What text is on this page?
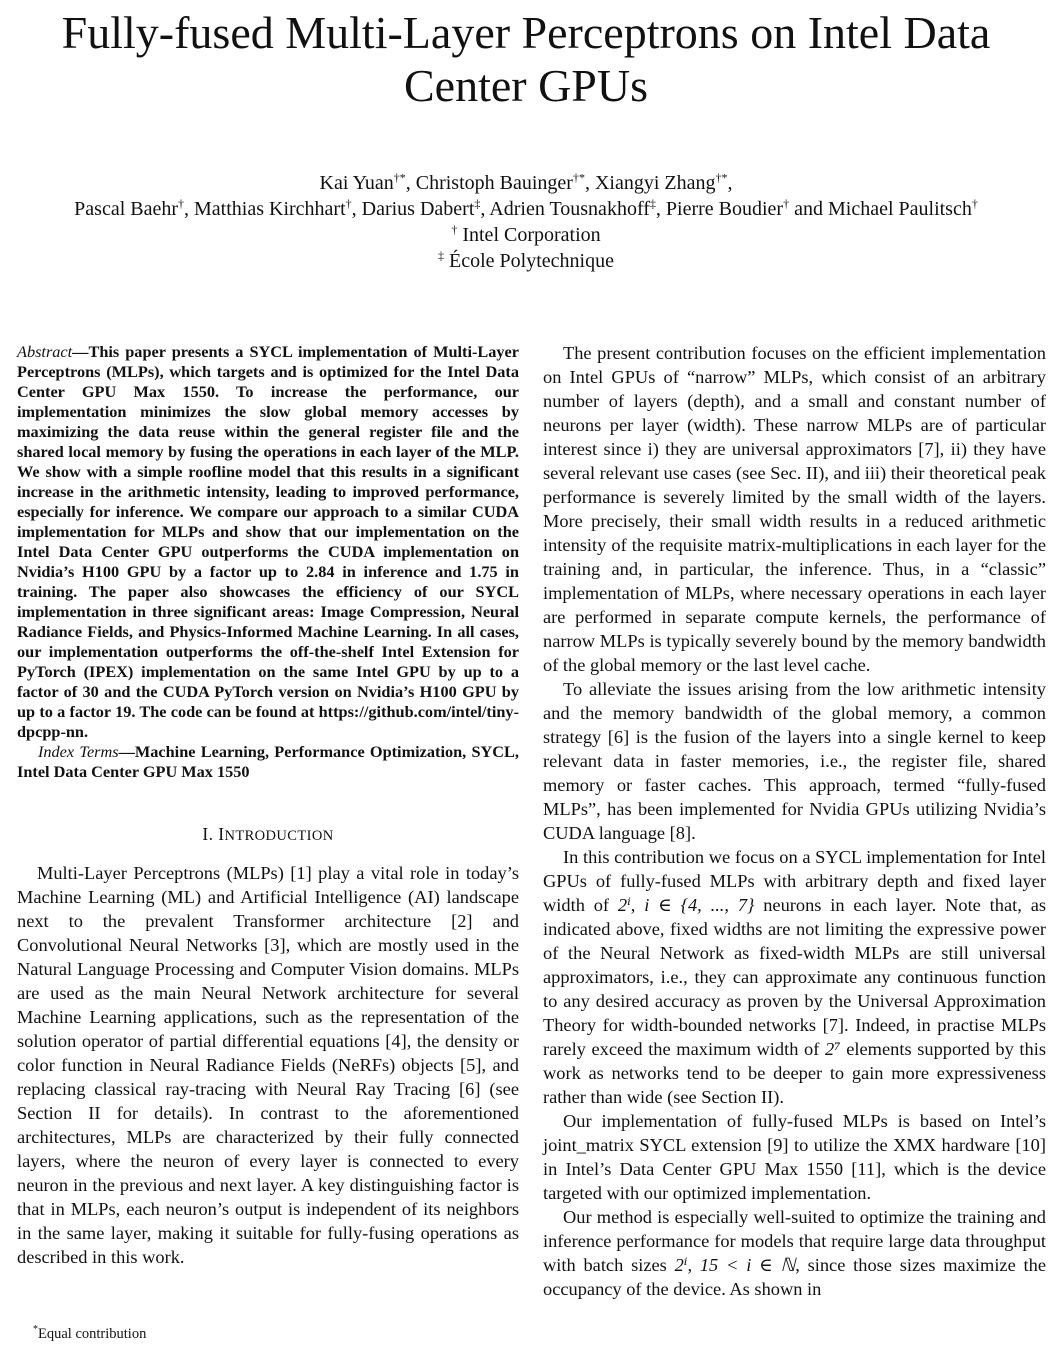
Fully-fused Multi-Layer Perceptrons on Intel Data Center GPUs
Kai Yuan†*, Christoph Bauinger†*, Xiangyi Zhang†*,
Pascal Baehr†, Matthias Kirchhart†, Darius Dabert‡, Adrien Tousnakhoff‡, Pierre Boudier† and Michael Paulitsch†
† Intel Corporation
‡ École Polytechnique

Abstract—This paper presents a SYCL implementation of Multi-Layer Perceptrons (MLPs), which targets and is optimized for the Intel Data Center GPU Max 1550. To increase the performance, our implementation minimizes the slow global memory accesses by maximizing the data reuse within the general register file and the shared local memory by fusing the operations in each layer of the MLP. We show with a simple roofline model that this results in a significant increase in the arithmetic intensity, leading to improved performance, especially for inference. We compare our approach to a similar CUDA implementation for MLPs and show that our implementation on the Intel Data Center GPU outperforms the CUDA implementation on Nvidia’s H100 GPU by a factor up to 2.84 in inference and 1.75 in training. The paper also showcases the efficiency of our SYCL implementation in three significant areas: Image Compression, Neural Radiance Fields, and Physics-Informed Machine Learning. In all cases, our implementation outperforms the off-the-shelf Intel Extension for PyTorch (IPEX) implementation on the same Intel GPU by up to a factor of 30 and the CUDA PyTorch version on Nvidia’s H100 GPU by up to a factor 19. The code can be found at https://github.com/intel/tiny-dpcpp-nn.

Index Terms—Machine Learning, Performance Optimization, SYCL, Intel Data Center GPU Max 1550

I. INTRODUCTION

Multi-Layer Perceptrons (MLPs) [1] play a vital role in today’s Machine Learning (ML) and Artificial Intelligence (AI) landscape next to the prevalent Transformer architecture [2] and Convolutional Neural Networks [3], which are mostly used in the Natural Language Processing and Computer Vision domains. MLPs are used as the main Neural Network architecture for several Machine Learning applications, such as the representation of the solution operator of partial differential equations [4], the density or color function in Neural Radiance Fields (NeRFs) objects [5], and replacing classical ray-tracing with Neural Ray Tracing [6] (see Section II for details). In contrast to the aforementioned architectures, MLPs are characterized by their fully connected layers, where the neuron of every layer is connected to every neuron in the previous and next layer. A key distinguishing factor is that in MLPs, each neuron’s output is independent of its neighbors in the same layer, making it suitable for fully-fusing operations as described in this work.

The present contribution focuses on the efficient implementation on Intel GPUs of “narrow” MLPs, which consist of an arbitrary number of layers (depth), and a small and constant number of neurons per layer (width). These narrow MLPs are of particular interest since i) they are universal approximators [7], ii) they have several relevant use cases (see Sec. II), and iii) their theoretical peak performance is severely limited by the small width of the layers. More precisely, their small width results in a reduced arithmetic intensity of the requisite matrix-multiplications in each layer for the training and, in particular, the inference. Thus, in a “classic” implementation of MLPs, where necessary operations in each layer are performed in separate compute kernels, the performance of narrow MLPs is typically severely bound by the memory bandwidth of the global memory or the last level cache.

To alleviate the issues arising from the low arithmetic intensity and the memory bandwidth of the global memory, a common strategy [6] is the fusion of the layers into a single kernel to keep relevant data in faster memories, i.e., the register file, shared memory or faster caches. This approach, termed “fully-fused MLPs”, has been implemented for Nvidia GPUs utilizing Nvidia’s CUDA language [8].

In this contribution we focus on a SYCL implementation for Intel GPUs of fully-fused MLPs with arbitrary depth and fixed layer width of 2ⁱ, i ∈ {4, ..., 7} neurons in each layer. Note that, as indicated above, fixed widths are not limiting the expressive power of the Neural Network as fixed-width MLPs are still universal approximators, i.e., they can approximate any continuous function to any desired accuracy as proven by the Universal Approximation Theory for width-bounded networks [7]. Indeed, in practise MLPs rarely exceed the maximum width of 2⁷ elements supported by this work as networks tend to be deeper to gain more expressiveness rather than wide (see Section II).

Our implementation of fully-fused MLPs is based on Intel’s joint_matrix SYCL extension [9] to utilize the XMX hardware [10] in Intel’s Data Center GPU Max 1550 [11], which is the device targeted with our optimized implementation.

Our method is especially well-suited to optimize the training and inference performance for models that require large data throughput with batch sizes 2ⁱ, 15 < i ∈ ℕ, since those sizes maximize the occupancy of the device. As shown in

*Equal contribution
